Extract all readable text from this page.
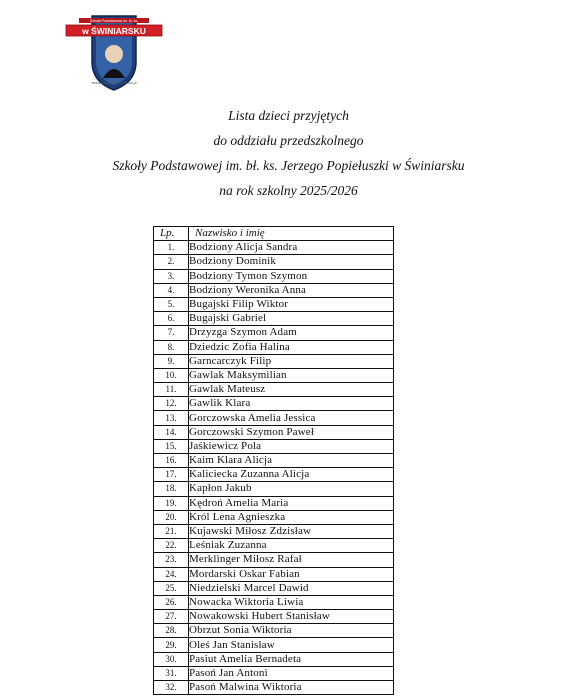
Szkoła Podstawowa im. bł. ks.
w ŚWINIARSKU
www.swiniarsko-szkola.pl
Lista dzieci przyjętych
do oddziału przedszkolnego
Szkoły Podstawowej im. bł. ks. Jerzego Popiełuszki w Świniarsku
na rok szkolny 2025/2026
Lp.	Nazwisko i imię
1.	Bodziony Alicja Sandra
2.	Bodziony Dominik
3.	Bodziony Tymon Szymon
4.	Bodziony Weronika Anna
5.	Bugajski Filip Wiktor
6.	Bugajski Gabriel
7.	Drzyzga Szymon Adam
8.	Dziedzic Zofia Halina
9.	Garncarczyk Filip
10.	Gawlak Maksymilian
11.	Gawlak Mateusz
12.	Gawlik Klara
13.	Gorczowska Amelia Jessica
14.	Gorczowski Szymon Paweł
15.	Jaśkiewicz Pola
16.	Kaim Klara Alicja
17.	Kaliciecka Zuzanna Alicja
18.	Kapłon Jakub
19.	Kędroń Amelia Maria
20.	Król Lena Agnieszka
21.	Kujawski Miłosz Zdzisław
22.	Leśniak Zuzanna
23.	Merklinger Miłosz Rafał
24.	Mordarski Oskar Fabian
25.	Niedzielski Marcel Dawid
26.	Nowacka Wiktoria Liwia
27.	Nowakowski Hubert Stanisław
28.	Obrzut Sonia Wiktoria
29.	Oleś Jan Stanisław
30.	Pasiut Amelia Bernadeta
31.	Pasoń Jan Antoni
32.	Pasoń Malwina Wiktoria
